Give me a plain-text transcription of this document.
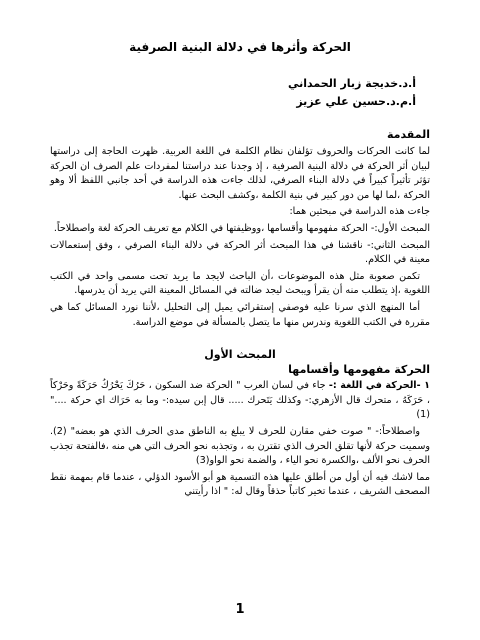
الحركة وأثرها في دلالة البنية الصرفية
أ.د.خديجة زبار الحمداني
أ.م.د.حسين علي عزيز
المقدمة
لما كانت الحركات والحروف تؤلفان نظام الكلمة في اللغة العربية. ظهرت الحاجة إلى دراستها لبيان أثر الحركة في دلالة البنية الصرفية ، إذ وجدنا عند دراستنا لمفردات علم الصرف ان الحركة تؤثر تأثيراً كبيراً في دلالة البناء الصرفي، لذلك جاءت هذه الدراسة في أحد جانبي اللفظ ألا وهو الحركة ،لما لها من دور كبير في بنية الكلمة ،وكشف البحث عنها.
جاءت هذه الدراسة في مبحثين هما:
المبحث الأول:- الحركة مفهومها وأقسامها ،ووظيفتها في الكلام مع تعريف الحركة لغة واصطلاحاً.
المبحث الثاني:- ناقشنا في هذا المبحث أثر الحركة في دلالة البناء الصرفي ، وفق إستعمالات معينة في الكلام.
تكمن صعوبة مثل هذه الموضوعات ،أن الباحث لايجد ما يريد تحت مسمى واحد في الكتب اللغوية ،إذ يتطلب منه أن يقرأ ويبحث ليجد ضالته في المسائل المعينة التي يريد أن يدرسها.
أما المنهج الذي سرنا عليه فوصفي إستقرائي يميل إلى التحليل ،لأننا نورد المسائل كما هي مقررة في الكتب اللغوية وندرس منها ما يتصل بالمسألة في موضع الدراسة.
المبحث الأول
الحركة مفهومها وأقسامها
١ -الحركة في اللغة :- جاء في لسان العرب " الحركة ضد السكون ، حَرُكَ يَحْرُكُ حَرَكَةً وحَرْكاً ، حَرَكَهُ ، متحرك قال الأزهري:- وكذلك يَتَحرك ..... قال إبن سيده:- وما به حَرَاك اي حركة ...."(1)
واصطلاحاً:- " صوت خفي مقارن للحرف لا يبلغ به الناطق مدى الحرف الذي هو بعضه" (2). وسميت حركة لأنها تقلق الحرف الذي تقترن به ، وتجذبه نحو الحرف التي هي منه ،فالفتحة تجذب الحرف نحو الألف ،والكسرة نحو الياء ، والضمة نحو الواو(3)
مما لاشك فيه أن أول من أطلق عليها هذه التسمية هو أبو الأسود الدؤلي ، عندما قام بمهمة نقط المصحف الشريف ، عندما تخير كاتباً حذقاً وقال له: " اذا رأيتني
1
